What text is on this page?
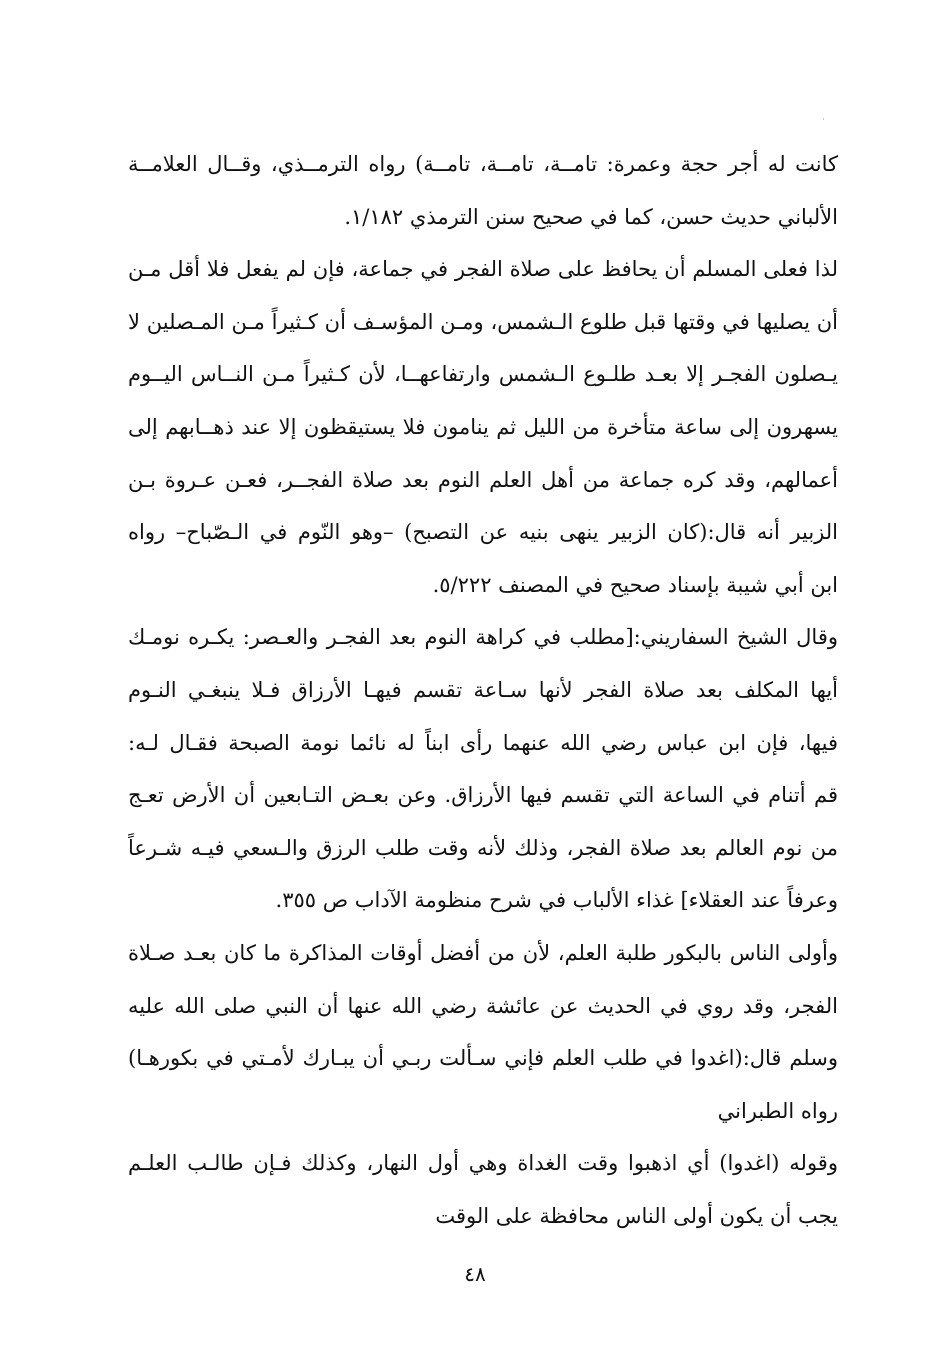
كانت له أجر حجة وعمرة: تامــة، تامــة، تامــة) رواه الترمــذي، وقــال العلامــة
الألباني حديث حسن، كما في صحيح سنن الترمذي ١/١٨٢.
لذا فعلى المسلم أن يحافظ على صلاة الفجر في جماعة، فإن لم يفعل فلا أقل مـن
أن يصليها في وقتها قبل طلوع الـشمس، ومـن المؤسـف أن كـثيراً مـن المـصلين لا
يـصلون الفجـر إلا بعـد طلـوع الـشمس وارتفاعهــا، لأن كـثيراً مـن النــاس اليــوم
يسهرون إلى ساعة متأخرة من الليل ثم ينامون فلا يستيقظون إلا عند ذهــابهم إلى
أعمالهم، وقد كره جماعة من أهل العلم النوم بعد صلاة الفجــر، فعـن عـروة بـن
الزبير أنه قال:(كان الزبير ينهى بنيه عن التصبح) –وهو النّوم في الـصّباح– رواه
ابن أبي شيبة بإسناد صحيح في المصنف ٥/٢٢٢.
وقال الشيخ السفاريني:[مطلب في كراهة النوم بعد الفجـر والعـصر: يكـره نومـك
أيها المكلف بعد صلاة الفجر لأنها سـاعة تقسم فيهـا الأرزاق فـلا ينبغـي النـوم
فيها، فإن ابن عباس رضي الله عنهما رأى ابناً له نائما نومة الصبحة فقـال لـه:
قم أتنام في الساعة التي تقسم فيها الأرزاق. وعن بعـض التـابعين أن الأرض تعـج
من نوم العالم بعد صلاة الفجر، وذلك لأنه وقت طلب الرزق والـسعي فيـه شـرعاً
وعرفاً عند العقلاء] غذاء الألباب في شرح منظومة الآداب ص ٣٥٥.
وأولى الناس بالبكور طلبة العلم، لأن من أفضل أوقات المذاكرة ما كان بعـد صـلاة
الفجر، وقد روي في الحديث عن عائشة رضي الله عنها أن النبي صلى الله عليه
وسلم قال:(اغدوا في طلب العلم فإني سـألت ربـي أن يبـارك لأمـتي في بكورهـا)
رواه الطبراني
وقوله (اغدوا) أي اذهبوا وقت الغداة وهي أول النهار، وكذلك فـإن طالـب العلـم
يجب أن يكون أولى الناس محافظة على الوقت
٤٨
